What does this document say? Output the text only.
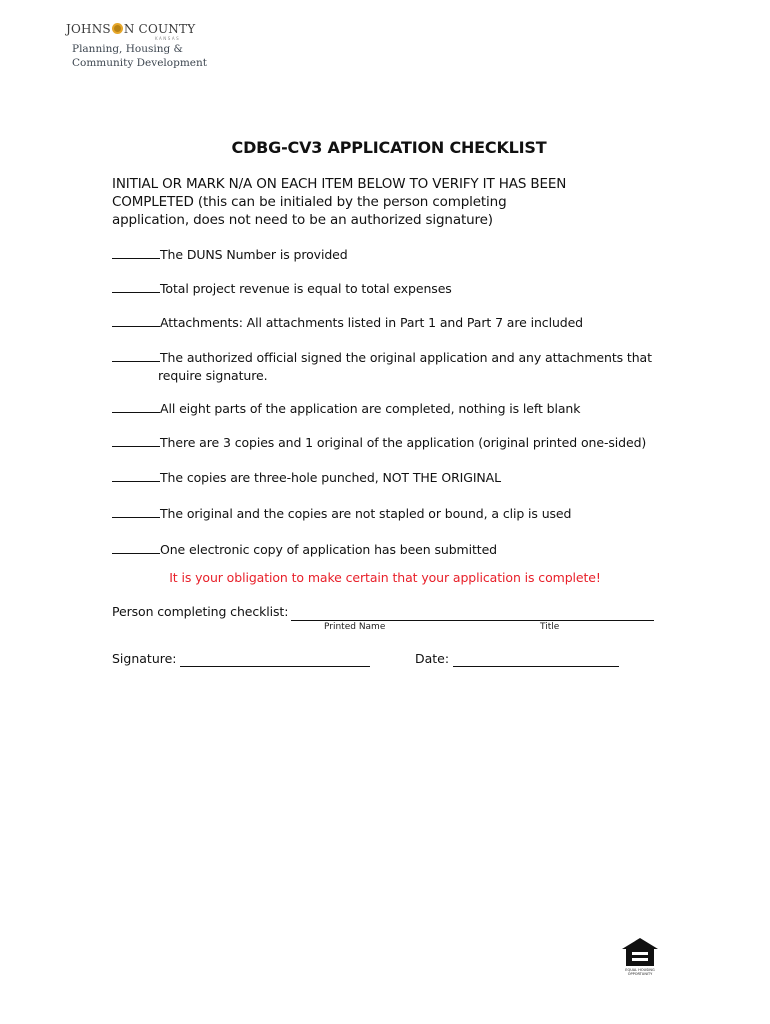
JOHNS N COUNTY
KANSAS
Planning, Housing &
Community Development
CDBG-CV3 APPLICATION CHECKLIST
INITIAL OR MARK N/A ON EACH ITEM BELOW TO VERIFY IT HAS BEEN COMPLETED (this can be initialed by the person completing application, does not need to be an authorized signature)
The DUNS Number is provided
Total project revenue is equal to total expenses
Attachments: All attachments listed in Part 1 and Part 7 are included
The authorized official signed the original application and any attachments that
require signature.
All eight parts of the application are completed, nothing is left blank
There are 3 copies and 1 original of the application (original printed one-sided)
The copies are three-hole punched, NOT THE ORIGINAL
The original and the copies are not stapled or bound, a clip is used
One electronic copy of application has been submitted
It is your obligation to make certain that your application is complete!
Person completing checklist:
Printed Name	Title
Signature:	Date:
EQUAL HOUSING OPPORTUNITY
